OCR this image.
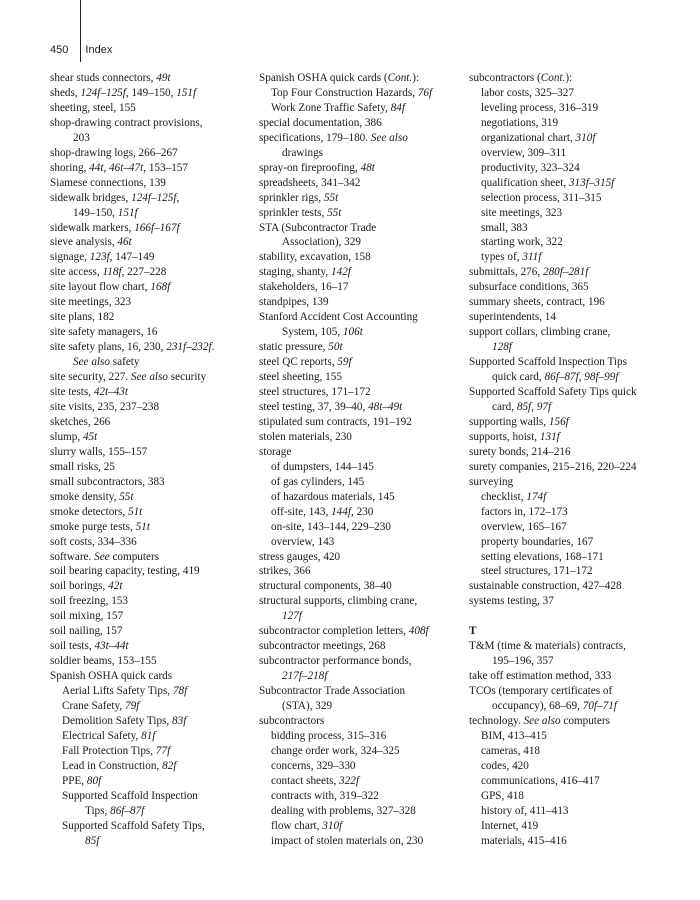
450 Index
shear studs connectors, 49t
sheds, 124f–125f, 149–150, 151f
sheeting, steel, 155
shop-drawing contract provisions,
203
shop-drawing logs, 266–267
shoring, 44t, 46t–47t, 153–157
Siamese connections, 139
sidewalk bridges, 124f–125f,
149–150, 151f
sidewalk markers, 166f–167f
sieve analysis, 46t
signage, 123f, 147–149
site access, 118f, 227–228
site layout flow chart, 168f
site meetings, 323
site plans, 182
site safety managers, 16
site safety plans, 16, 230, 231f–232f.
See also safety
site security, 227. See also security
site tests, 42t–43t
site visits, 235, 237–238
sketches, 266
slump, 45t
slurry walls, 155–157
small risks, 25
small subcontractors, 383
smoke density, 55t
smoke detectors, 51t
smoke purge tests, 51t
soft costs, 334–336
software. See computers
soil bearing capacity, testing, 419
soil borings, 42t
soil freezing, 153
soil mixing, 157
soil nailing, 157
soil tests, 43t–44t
soldier beams, 153–155
Spanish OSHA quick cards
Aerial Lifts Safety Tips, 78f
Crane Safety, 79f
Demolition Safety Tips, 83f
Electrical Safety, 81f
Fall Protection Tips, 77f
Lead in Construction, 82f
PPE, 80f
Supported Scaffold Inspection
Tips, 86f–87f
Supported Scaffold Safety Tips,
85f
Spanish OSHA quick cards (Cont.):
Top Four Construction Hazards, 76f
Work Zone Traffic Safety, 84f
special documentation, 386
specifications, 179–180. See also
drawings
spray-on fireproofing, 48t
spreadsheets, 341–342
sprinkler rigs, 55t
sprinkler tests, 55t
STA (Subcontractor Trade
Association), 329
stability, excavation, 158
staging, shanty, 142f
stakeholders, 16–17
standpipes, 139
Stanford Accident Cost Accounting
System, 105, 106t
static pressure, 50t
steel QC reports, 59f
steel sheeting, 155
steel structures, 171–172
steel testing, 37, 39–40, 48t–49t
stipulated sum contracts, 191–192
stolen materials, 230
storage
of dumpsters, 144–145
of gas cylinders, 145
of hazardous materials, 145
off-site, 143, 144f, 230
on-site, 143–144, 229–230
overview, 143
stress gauges, 420
strikes, 366
structural components, 38–40
structural supports, climbing crane,
127f
subcontractor completion letters, 408f
subcontractor meetings, 268
subcontractor performance bonds,
217f–218f
Subcontractor Trade Association
(STA), 329
subcontractors
bidding process, 315–316
change order work, 324–325
concerns, 329–330
contact sheets, 322f
contracts with, 319–322
dealing with problems, 327–328
flow chart, 310f
impact of stolen materials on, 230
subcontractors (Cont.):
labor costs, 325–327
leveling process, 316–319
negotiations, 319
organizational chart, 310f
overview, 309–311
productivity, 323–324
qualification sheet, 313f–315f
selection process, 311–315
site meetings, 323
small, 383
starting work, 322
types of, 311f
submittals, 276, 280f–281f
subsurface conditions, 365
summary sheets, contract, 196
superintendents, 14
support collars, climbing crane,
128f
Supported Scaffold Inspection Tips
quick card, 86f–87f, 98f–99f
Supported Scaffold Safety Tips quick
card, 85f, 97f
supporting walls, 156f
supports, hoist, 131f
surety bonds, 214–216
surety companies, 215–216, 220–224
surveying
checklist, 174f
factors in, 172–173
overview, 165–167
property boundaries, 167
setting elevations, 168–171
steel structures, 171–172
sustainable construction, 427–428
systems testing, 37
T
T&M (time & materials) contracts,
195–196, 357
take off estimation method, 333
TCOs (temporary certificates of
occupancy), 68–69, 70f–71f
technology. See also computers
BIM, 413–415
cameras, 418
codes, 420
communications, 416–417
GPS, 418
history of, 411–413
Internet, 419
materials, 415–416
